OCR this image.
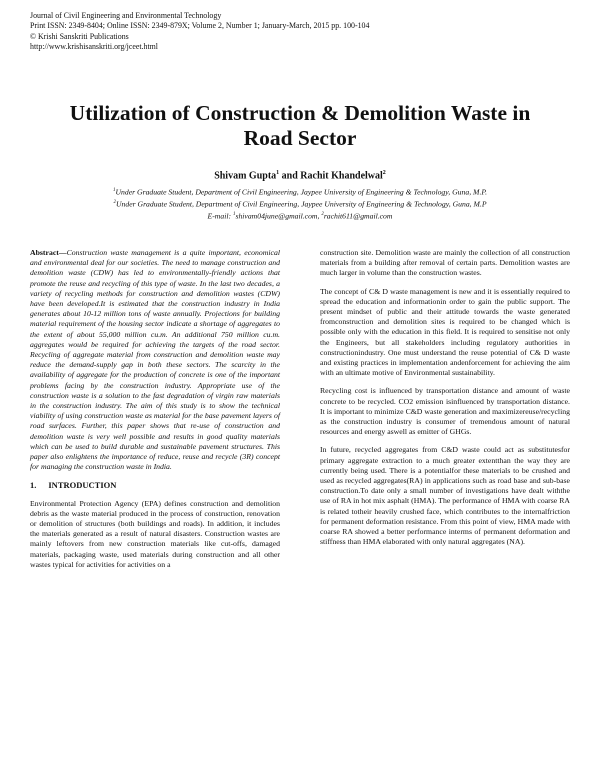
Journal of Civil Engineering and Environmental Technology
Print ISSN: 2349-8404; Online ISSN: 2349-879X; Volume 2, Number 1; January-March, 2015 pp. 100-104
© Krishi Sanskriti Publications
http://www.krishisanskriti.org/jceet.html
Utilization of Construction & Demolition Waste in
Road Sector
Shivam Gupta$^1$ and Rachit Khandelwal$^2$
$^1$Under Graduate Student, Department of Civil Engineering, Jaypee University of Engineering & Technology, Guna, M.P.
$^2$Under Graduate Student, Department of Civil Engineering, Jaypee University of Engineering & Technology, Guna, M.P
E-mail: $^1$shivam04june@gmail.com, $^2$rachit611@gmail.com

Abstract—Construction waste management is a quite important, economical and environmental deal for our societies. The need to manage construction and demolition waste (CDW) has led to environmentally-friendly actions that promote the reuse and recycling of this type of waste. In the last two decades, a variety of recycling methods for construction and demolition wastes (CDW) have been developed.It is estimated that the construction industry in India generates about 10-12 million tons of waste annually. Projections for building material requirement of the housing sector indicate a shortage of aggregates to the extent of about 55,000 million cu.m. An additional 750 million cu.m. aggregates would be required for achieving the targets of the road sector. Recycling of aggregate material from construction and demolition waste may reduce the demand-supply gap in both these sectors. The scarcity in the availability of aggregate for the production of concrete is one of the important problems facing by the construction industry. Appropriate use of the construction waste is a solution to the fast degradation of virgin raw materials in the construction industry. The aim of this study is to show the technical viability of using construction waste as material for the base pavement layers of road surfaces. Further, this paper shows that re-use of construction and demolition waste is very well possible and results in good quality materials which can be used to build durable and sustainable pavement structures. This paper also enlightens the importance of reduce, reuse and recycle (3R) concept for managing the construction waste in India.

1. INTRODUCTION

Environmental Protection Agency (EPA) defines construction and demolition debris as the waste material produced in the process of construction, renovation or demolition of structures (both buildings and roads). In addition, it includes the materials generated as a result of natural disasters. Construction wastes are mainly leftovers from new construction materials like cut-offs, damaged materials, packaging waste, used materials during construction and all other wastes typical for activities for activities on a

construction site. Demolition waste are mainly the collection of all construction materials from a building after removal of certain parts. Demolition wastes are much larger in volume than the construction wastes.

The concept of C& D waste management is new and it is essentially required to spread the education and informationin order to gain the public support. The present mindset of public and their attitude towards the waste generated fromconstruction and demolition sites is required to be changed which is possible only with the education in this field. It is required to sensitise not only the Engineers, but all stakeholders including regulatory authorities in constructionindustry. One must understand the reuse potential of C& D waste and existing practices in implementation andenforcement for achieving the aim with an ultimate motive of Environmental sustainability.

Recycling cost is influenced by transportation distance and amount of waste concrete to be recycled. CO2 emission isinfluenced by transportation distance. It is important to minimize C&D waste generation and maximizereuse/recycling as the construction industry is consumer of tremendous amount of natural resources and energy aswell as emitter of GHGs.

In future, recycled aggregates from C&D waste could act as substitutesfor primary aggregate extraction to a much greater extentthan the way they are currently being used. There is a potentialfor these materials to be crushed and used as recycled aggregates(RA) in applications such as road base and sub-base construction.To date only a small number of investigations have dealt withthe use of RA in hot mix asphalt (HMA). The performance of HMA with coarse RA is related totheir heavily crushed face, which contributes to the internalfriction for permanent deformation resistance. From this point of view, HMA made with coarse RA showed a better performance interms of permanent deformation and stiffness than HMA elaborated with only natural aggregates (NA).
